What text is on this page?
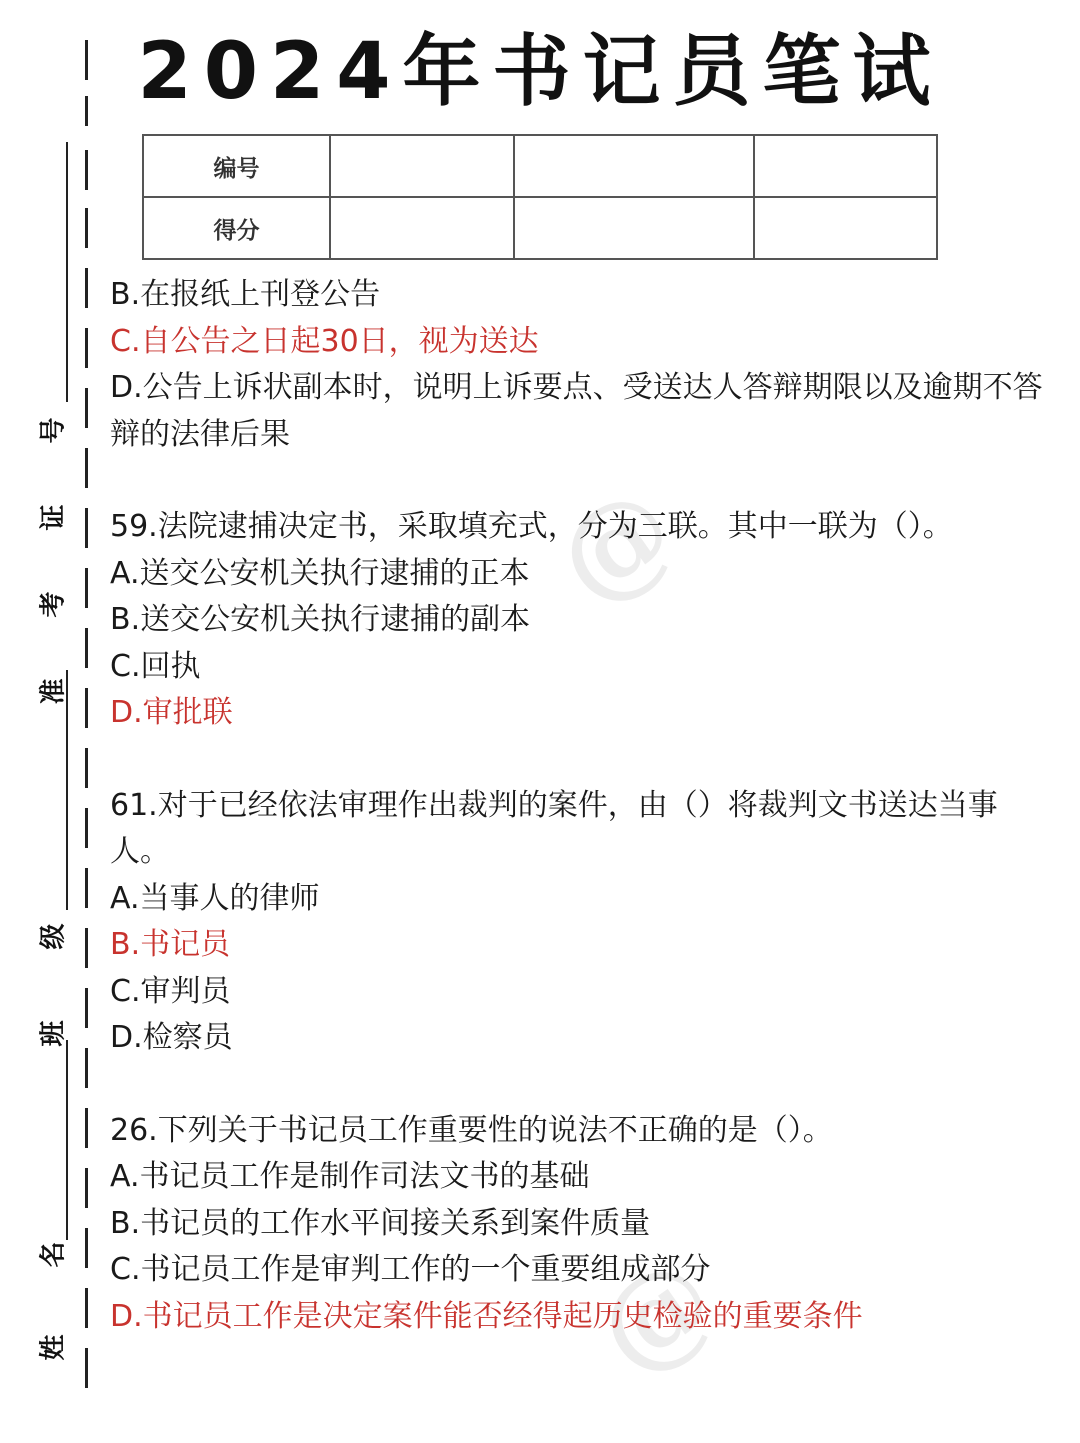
@
@
2024年书记员笔试
号
证
考
准
级
班
名
姓
编号			
得分			

B.在报纸上刊登公告

C.自公告之日起30日，视为送达

D.公告上诉状副本时，说明上诉要点、受送达人答辩期限以及逾期不答辩的法律后果

59.法院逮捕决定书，采取填充式，分为三联。其中一联为（）。

A.送交公安机关执行逮捕的正本

B.送交公安机关执行逮捕的副本

C.回执

D.审批联

61.对于已经依法审理作出裁判的案件，由（）将裁判文书送达当事人。

A.当事人的律师

B.书记员

C.审判员

D.检察员

26.下列关于书记员工作重要性的说法不正确的是（）。

A.书记员工作是制作司法文书的基础

B.书记员的工作水平间接关系到案件质量

C.书记员工作是审判工作的一个重要组成部分

D.书记员工作是决定案件能否经得起历史检验的重要条件
